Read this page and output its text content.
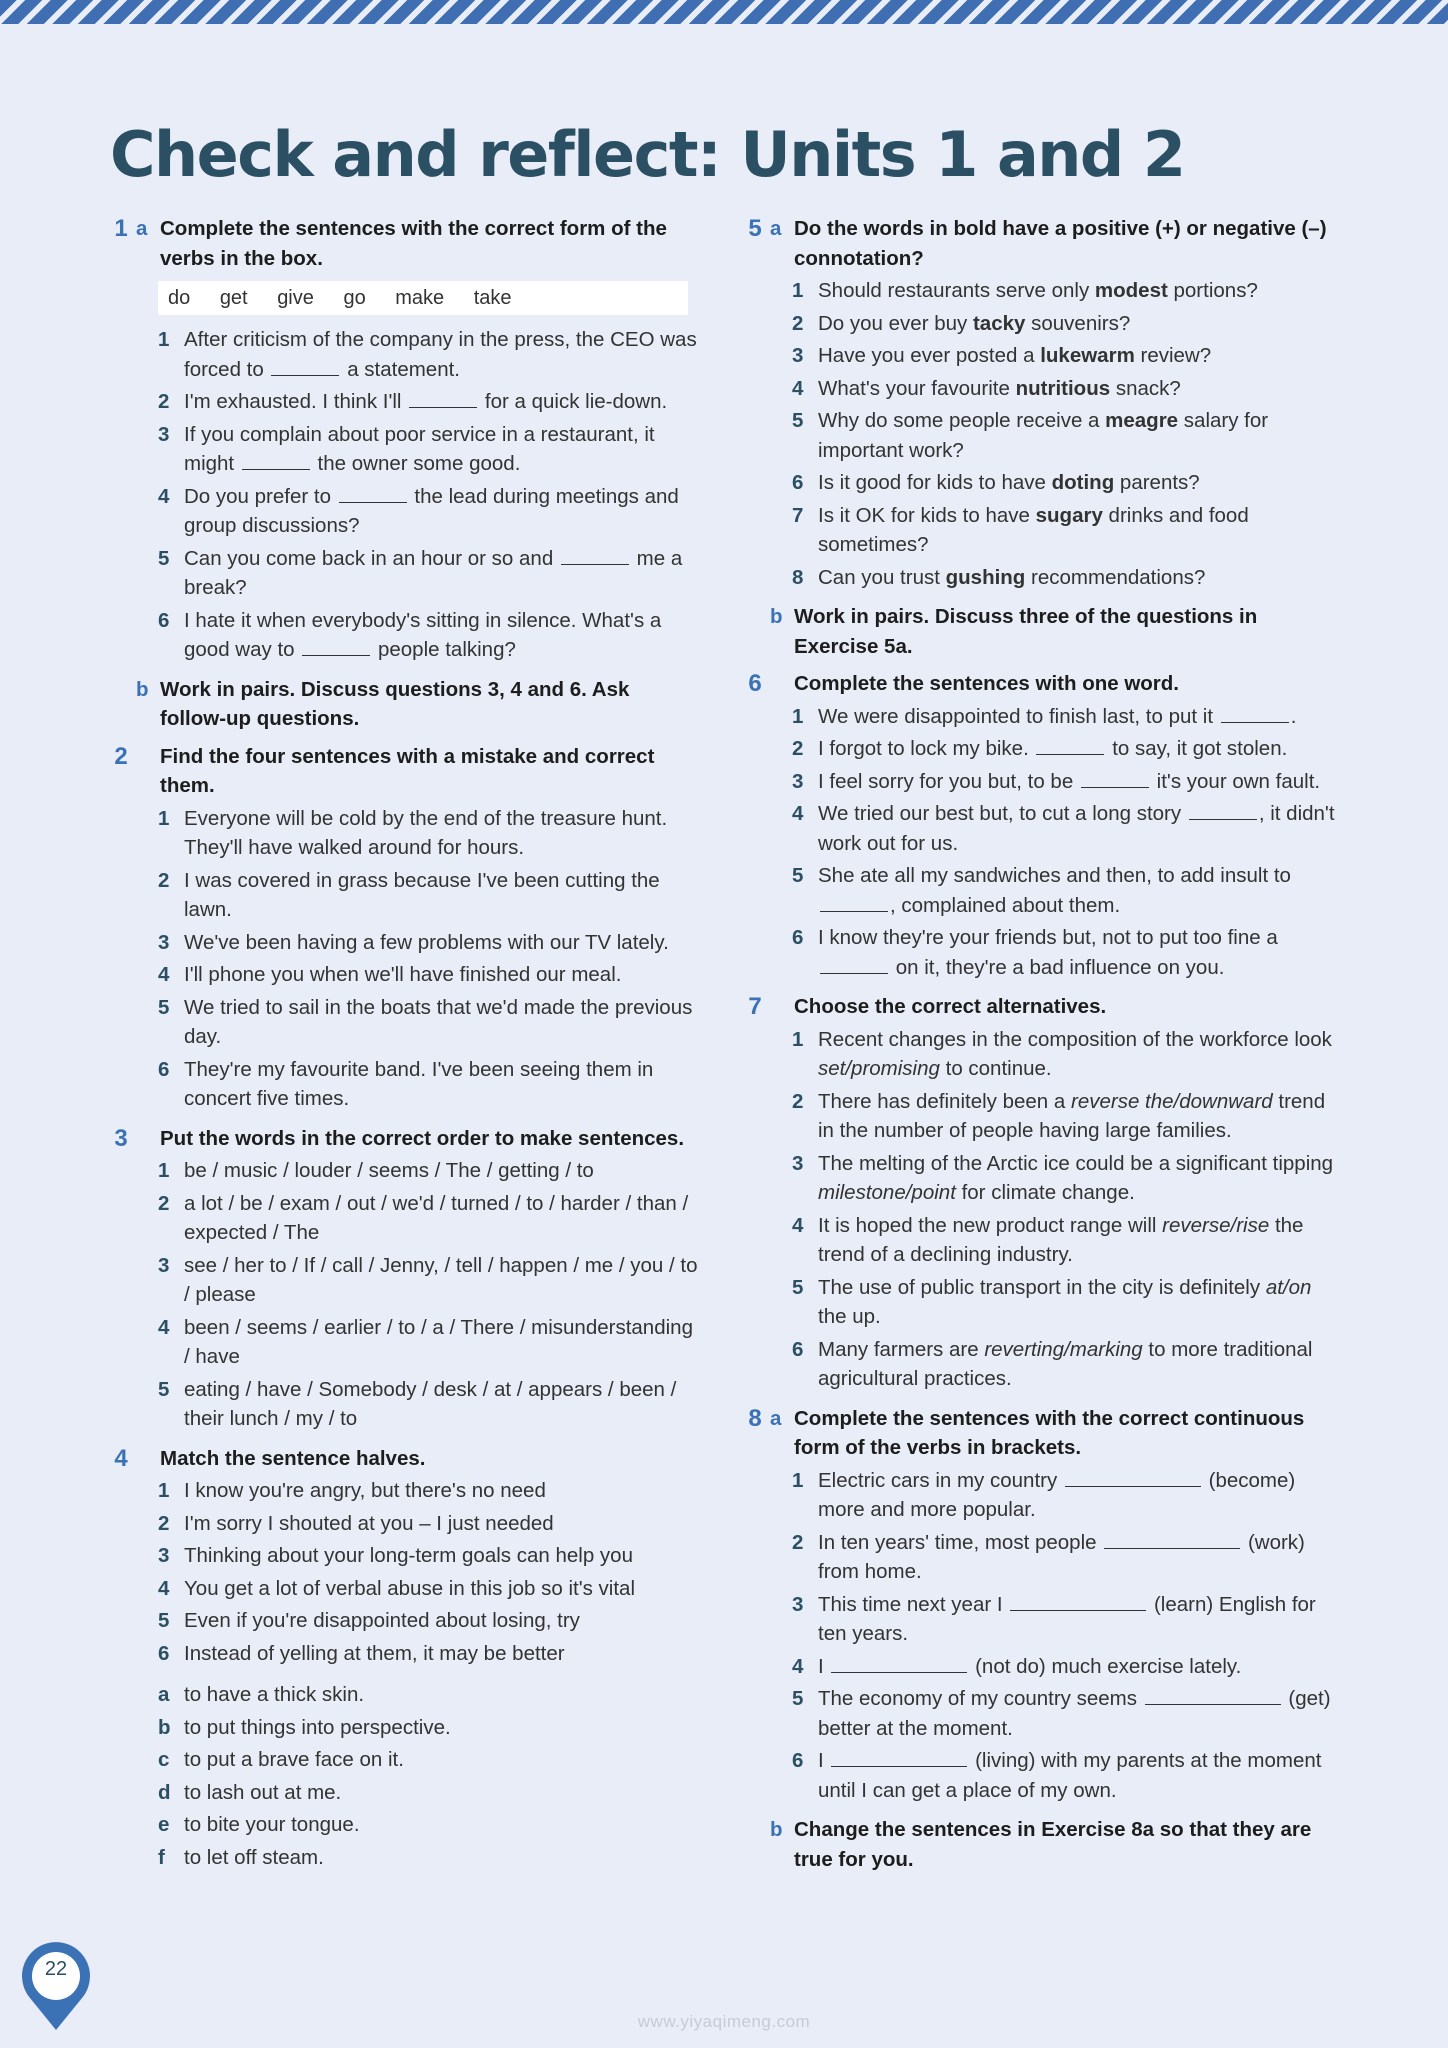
Check and reflect: Units 1 and 2
1 a Complete the sentences with the correct form of the verbs in the box.
do get give go make take
1 After criticism of the company in the press, the CEO was forced to	a statement.
2 I'm exhausted. I think I'll	for a quick lie-down.
3 If you complain about poor service in a restaurant, it might	the owner some good.
4 Do you prefer to	the lead during meetings and group discussions?
5 Can you come back in an hour or so and	me a break?
6 I hate it when everybody's sitting in silence. What's a good way to	people talking?
b Work in pairs. Discuss questions 3, 4 and 6. Ask follow-up questions.
2	Find the four sentences with a mistake and correct them.
1 Everyone will be cold by the end of the treasure hunt. They'll have walked around for hours.
2 I was covered in grass because I've been cutting the lawn.
3 We've been having a few problems with our TV lately.
4 I'll phone you when we'll have finished our meal.
5 We tried to sail in the boats that we'd made the previous day.
6 They're my favourite band. I've been seeing them in concert five times.
3	Put the words in the correct order to make sentences.
1 be / music / louder / seems / The / getting / to
2 a lot / be / exam / out / we'd / turned / to / harder / than / expected / The
3 see / her to / If / call / Jenny, / tell / happen / me / you / to / please
4 been / seems / earlier / to / a / There / misunderstanding / have
5 eating / have / Somebody / desk / at / appears / been / their lunch / my / to
4	Match the sentence halves.
1 I know you're angry, but there's no need
2 I'm sorry I shouted at you – I just needed
3 Thinking about your long-term goals can help you
4 You get a lot of verbal abuse in this job so it's vital
5 Even if you're disappointed about losing, try
6 Instead of yelling at them, it may be better
a to have a thick skin.
b to put things into perspective.
c to put a brave face on it.
d to lash out at me.
e to bite your tongue.
f to let off steam.
5 a Do the words in bold have a positive (+) or negative (–) connotation?
1 Should restaurants serve only modest portions?
2 Do you ever buy tacky souvenirs?
3 Have you ever posted a lukewarm review?
4 What's your favourite nutritious snack?
5 Why do some people receive a meagre salary for important work?
6 Is it good for kids to have doting parents?
7 Is it OK for kids to have sugary drinks and food sometimes?
8 Can you trust gushing recommendations?
b Work in pairs. Discuss three of the questions in Exercise 5a.
6	Complete the sentences with one word.
1 We were disappointed to finish last, to put it	.
2 I forgot to lock my bike.	to say, it got stolen.
3 I feel sorry for you but, to be	it's your own fault.
4 We tried our best but, to cut a long story	, it didn't work out for us.
5 She ate all my sandwiches and then, to add insult to , complained about them.
6 I know they're your friends but, not to put too fine a  on it, they're a bad influence on you.
7	Choose the correct alternatives.
1 Recent changes in the composition of the workforce look set/promising to continue.
2 There has definitely been a reverse the/downward trend in the number of people having large families.
3 The melting of the Arctic ice could be a significant tipping milestone/point for climate change.
4 It is hoped the new product range will reverse/rise the trend of a declining industry.
5 The use of public transport in the city is definitely at/on the up.
6 Many farmers are reverting/marking to more traditional agricultural practices.
8 a Complete the sentences with the correct continuous form of the verbs in brackets.
1 Electric cars in my country	(become) more and more popular.
2 In ten years' time, most people	(work) from home.
3 This time next year I	(learn) English for ten years.
4 I	(not do) much exercise lately.
5 The economy of my country seems	(get) better at the moment.
6 I	(living) with my parents at the moment until I can get a place of my own.
b Change the sentences in Exercise 8a so that they are true for you.
22
www.yiyaqimeng.com
